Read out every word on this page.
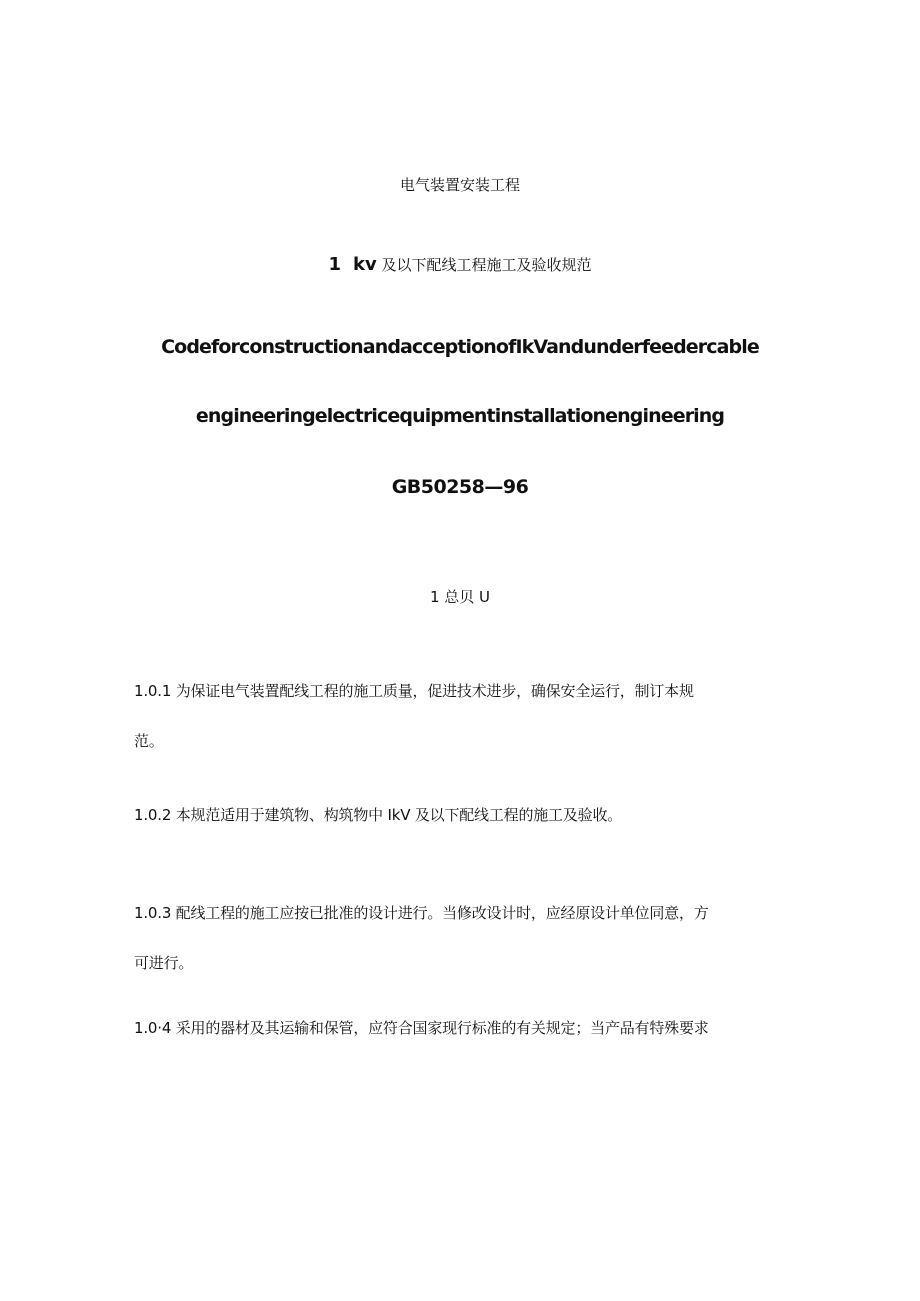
电气装置安装工程
1 kv 及以下配线工程施工及验收规范
CodeforconstructionandacceptionofIkVandunderfeedercable
engineeringelectricequipmentinstallationengineering
GB50258—96
1 总贝 U
1.0.1 为保证电气装置配线工程的施工质量，促进技术进步，确保安全运行，制订本规
范。
1.0.2 本规范适用于建筑物、构筑物中 IkV 及以下配线工程的施工及验收。
1.0.3 配线工程的施工应按已批准的设计进行。当修改设计时，应经原设计单位同意，方
可进行。
1.0·4 采用的器材及其运输和保管，应符合国家现行标准的有关规定；当产品有特殊要求
